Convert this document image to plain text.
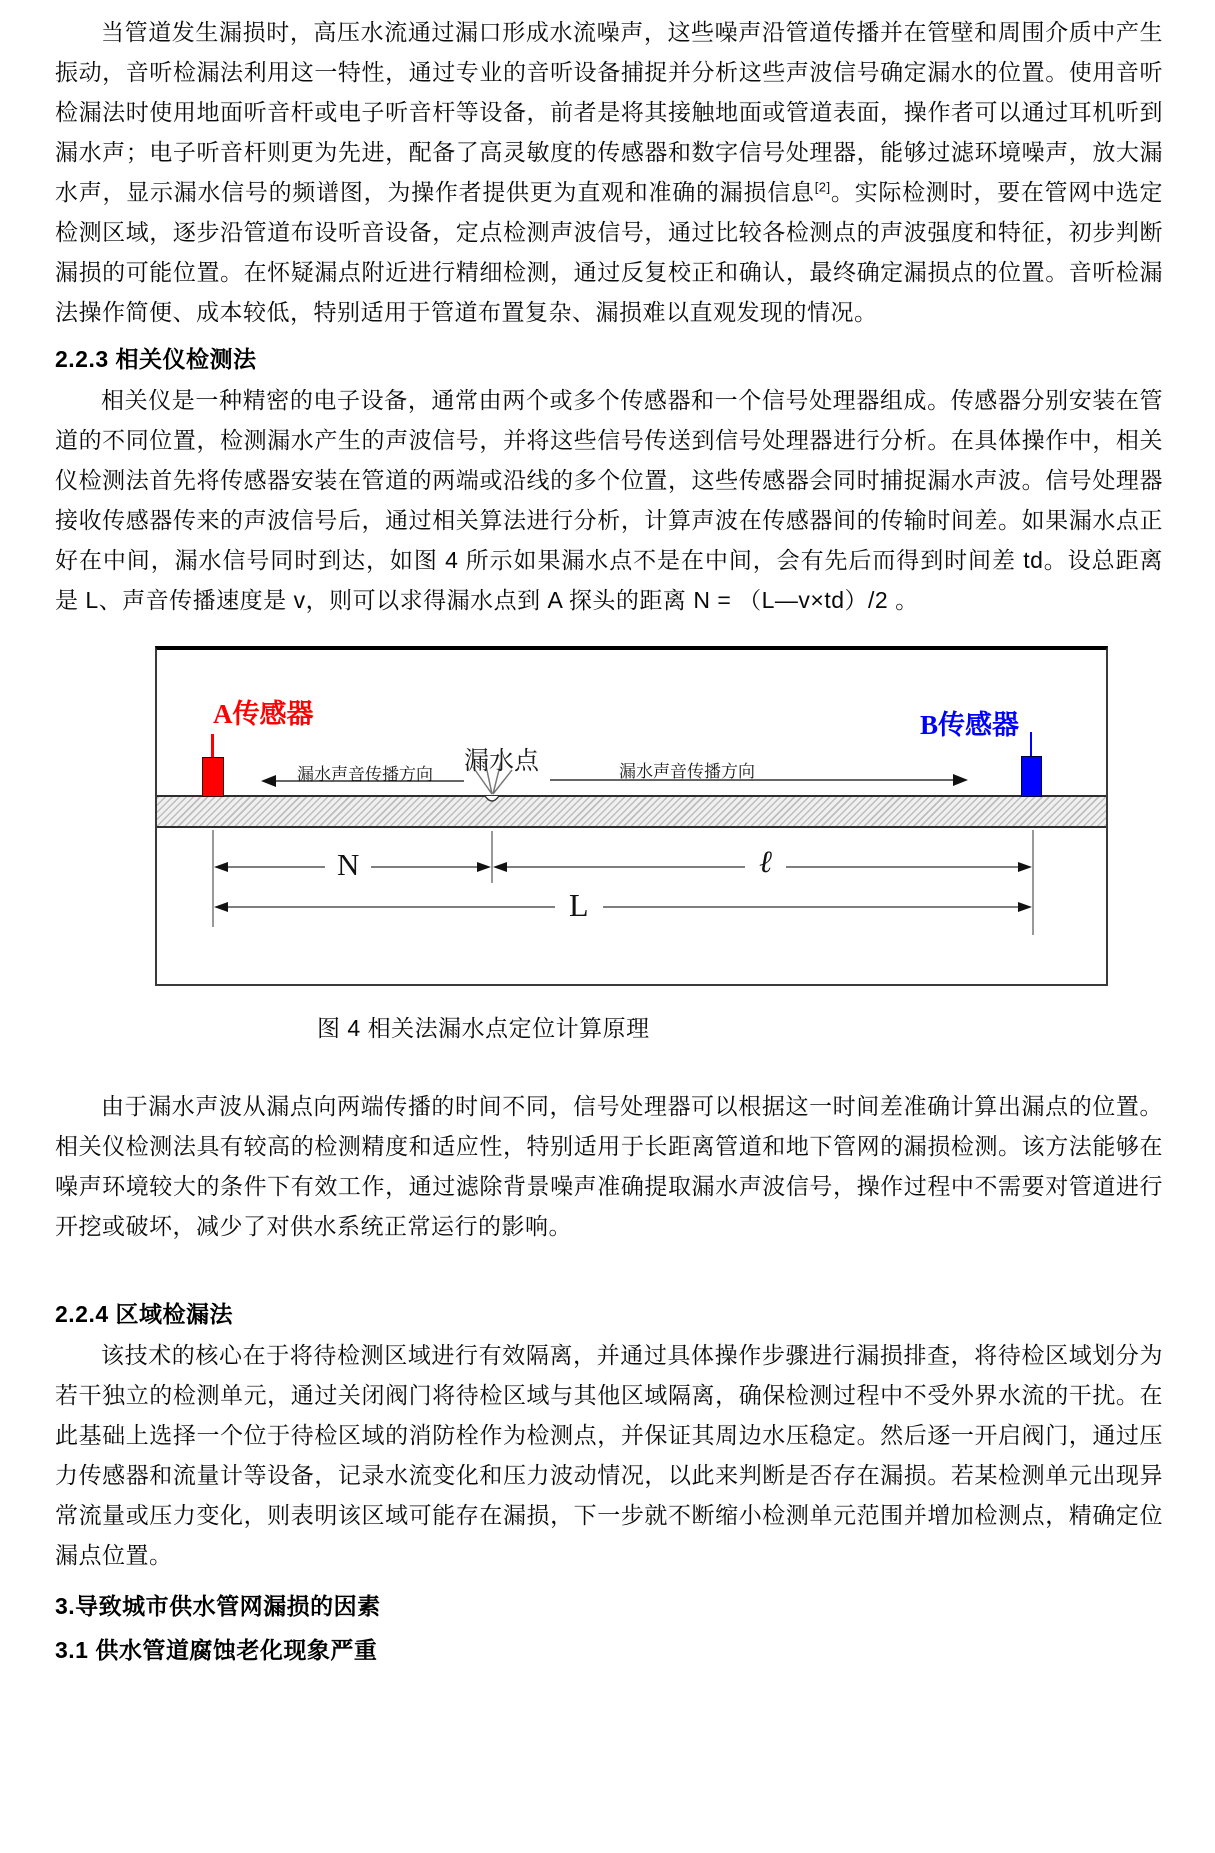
当管道发生漏损时，高压水流通过漏口形成水流噪声，这些噪声沿管道传播并在管壁和周围介质中产生振动，音听检漏法利用这一特性，通过专业的音听设备捕捉并分析这些声波信号确定漏水的位置。使用音听检漏法时使用地面听音杆或电子听音杆等设备，前者是将其接触地面或管道表面，操作者可以通过耳机听到漏水声；电子听音杆则更为先进，配备了高灵敏度的传感器和数字信号处理器，能够过滤环境噪声，放大漏水声，显示漏水信号的频谱图，为操作者提供更为直观和准确的漏损信息[2]。实际检测时，要在管网中选定检测区域，逐步沿管道布设听音设备，定点检测声波信号，通过比较各检测点的声波强度和特征，初步判断漏损的可能位置。在怀疑漏点附近进行精细检测，通过反复校正和确认，最终确定漏损点的位置。音听检漏法操作简便、成本较低，特别适用于管道布置复杂、漏损难以直观发现的情况。

2.2.3 相关仪检测法

相关仪是一种精密的电子设备，通常由两个或多个传感器和一个信号处理器组成。传感器分别安装在管道的不同位置，检测漏水产生的声波信号，并将这些信号传送到信号处理器进行分析。在具体操作中，相关仪检测法首先将传感器安装在管道的两端或沿线的多个位置，这些传感器会同时捕捉漏水声波。信号处理器接收传感器传来的声波信号后，通过相关算法进行分析，计算声波在传感器间的传输时间差。如果漏水点正好在中间，漏水信号同时到达，如图 4 所示如果漏水点不是在中间，会有先后而得到时间差 td。设总距离是 L、声音传播速度是 v，则可以求得漏水点到 A 探头的距离 N = （L—v×td）/2 。

A传感器	B传感器
漏水点
漏水声音传播方向	漏水声音传播方向
N	ℓ
L
图 4 相关法漏水点定位计算原理

由于漏水声波从漏点向两端传播的时间不同，信号处理器可以根据这一时间差准确计算出漏点的位置。相关仪检测法具有较高的检测精度和适应性，特别适用于长距离管道和地下管网的漏损检测。该方法能够在噪声环境较大的条件下有效工作，通过滤除背景噪声准确提取漏水声波信号，操作过程中不需要对管道进行开挖或破坏，减少了对供水系统正常运行的影响。

2.2.4 区域检漏法

该技术的核心在于将待检测区域进行有效隔离，并通过具体操作步骤进行漏损排查，将待检区域划分为若干独立的检测单元，通过关闭阀门将待检区域与其他区域隔离，确保检测过程中不受外界水流的干扰。在此基础上选择一个位于待检区域的消防栓作为检测点，并保证其周边水压稳定。然后逐一开启阀门，通过压力传感器和流量计等设备，记录水流变化和压力波动情况，以此来判断是否存在漏损。若某检测单元出现异常流量或压力变化，则表明该区域可能存在漏损，下一步就不断缩小检测单元范围并增加检测点，精确定位漏点位置。

3.导致城市供水管网漏损的因素
3.1 供水管道腐蚀老化现象严重
